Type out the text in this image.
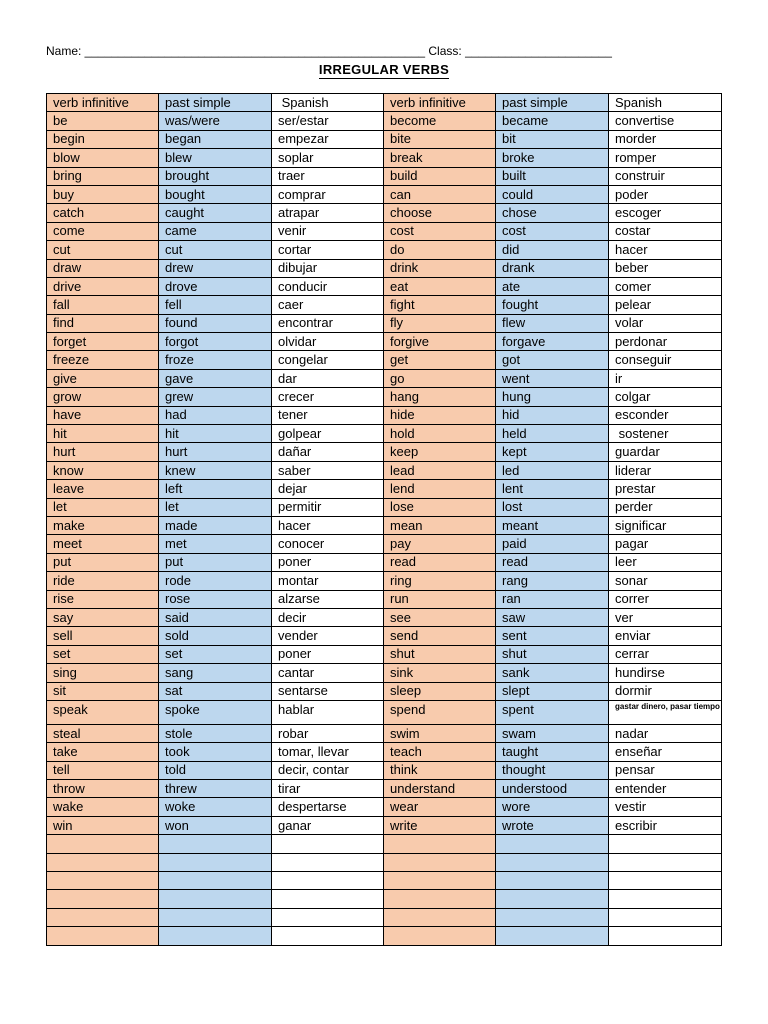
Name: ___________________________________________________ Class: ______________________
IRREGULAR VERBS
verb infinitive	past simple	Spanish	verb infinitive	past simple	Spanish
be	was/were	ser/estar	become	became	convertise
begin	began	empezar	bite	bit	morder
blow	blew	soplar	break	broke	romper
bring	brought	traer	build	built	construir
buy	bought	comprar	can	could	poder
catch	caught	atrapar	choose	chose	escoger
come	came	venir	cost	cost	costar
cut	cut	cortar	do	did	hacer
draw	drew	dibujar	drink	drank	beber
drive	drove	conducir	eat	ate	comer
fall	fell	caer	fight	fought	pelear
find	found	encontrar	fly	flew	volar
forget	forgot	olvidar	forgive	forgave	perdonar
freeze	froze	congelar	get	got	conseguir
give	gave	dar	go	went	ir
grow	grew	crecer	hang	hung	colgar
have	had	tener	hide	hid	esconder
hit	hit	golpear	hold	held	sostener
hurt	hurt	dañar	keep	kept	guardar
know	knew	saber	lead	led	liderar
leave	left	dejar	lend	lent	prestar
let	let	permitir	lose	lost	perder
make	made	hacer	mean	meant	significar
meet	met	conocer	pay	paid	pagar
put	put	poner	read	read	leer
ride	rode	montar	ring	rang	sonar
rise	rose	alzarse	run	ran	correr
say	said	decir	see	saw	ver
sell	sold	vender	send	sent	enviar
set	set	poner	shut	shut	cerrar
sing	sang	cantar	sink	sank	hundirse
sit	sat	sentarse	sleep	slept	dormir
speak	spoke	hablar	spend	spent	gastar dinero, pasar tiempo
steal	stole	robar	swim	swam	nadar
take	took	tomar, llevar	teach	taught	enseñar
tell	told	decir, contar	think	thought	pensar
throw	threw	tirar	understand	understood	entender
wake	woke	despertarse	wear	wore	vestir
win	won	ganar	write	wrote	escribir
